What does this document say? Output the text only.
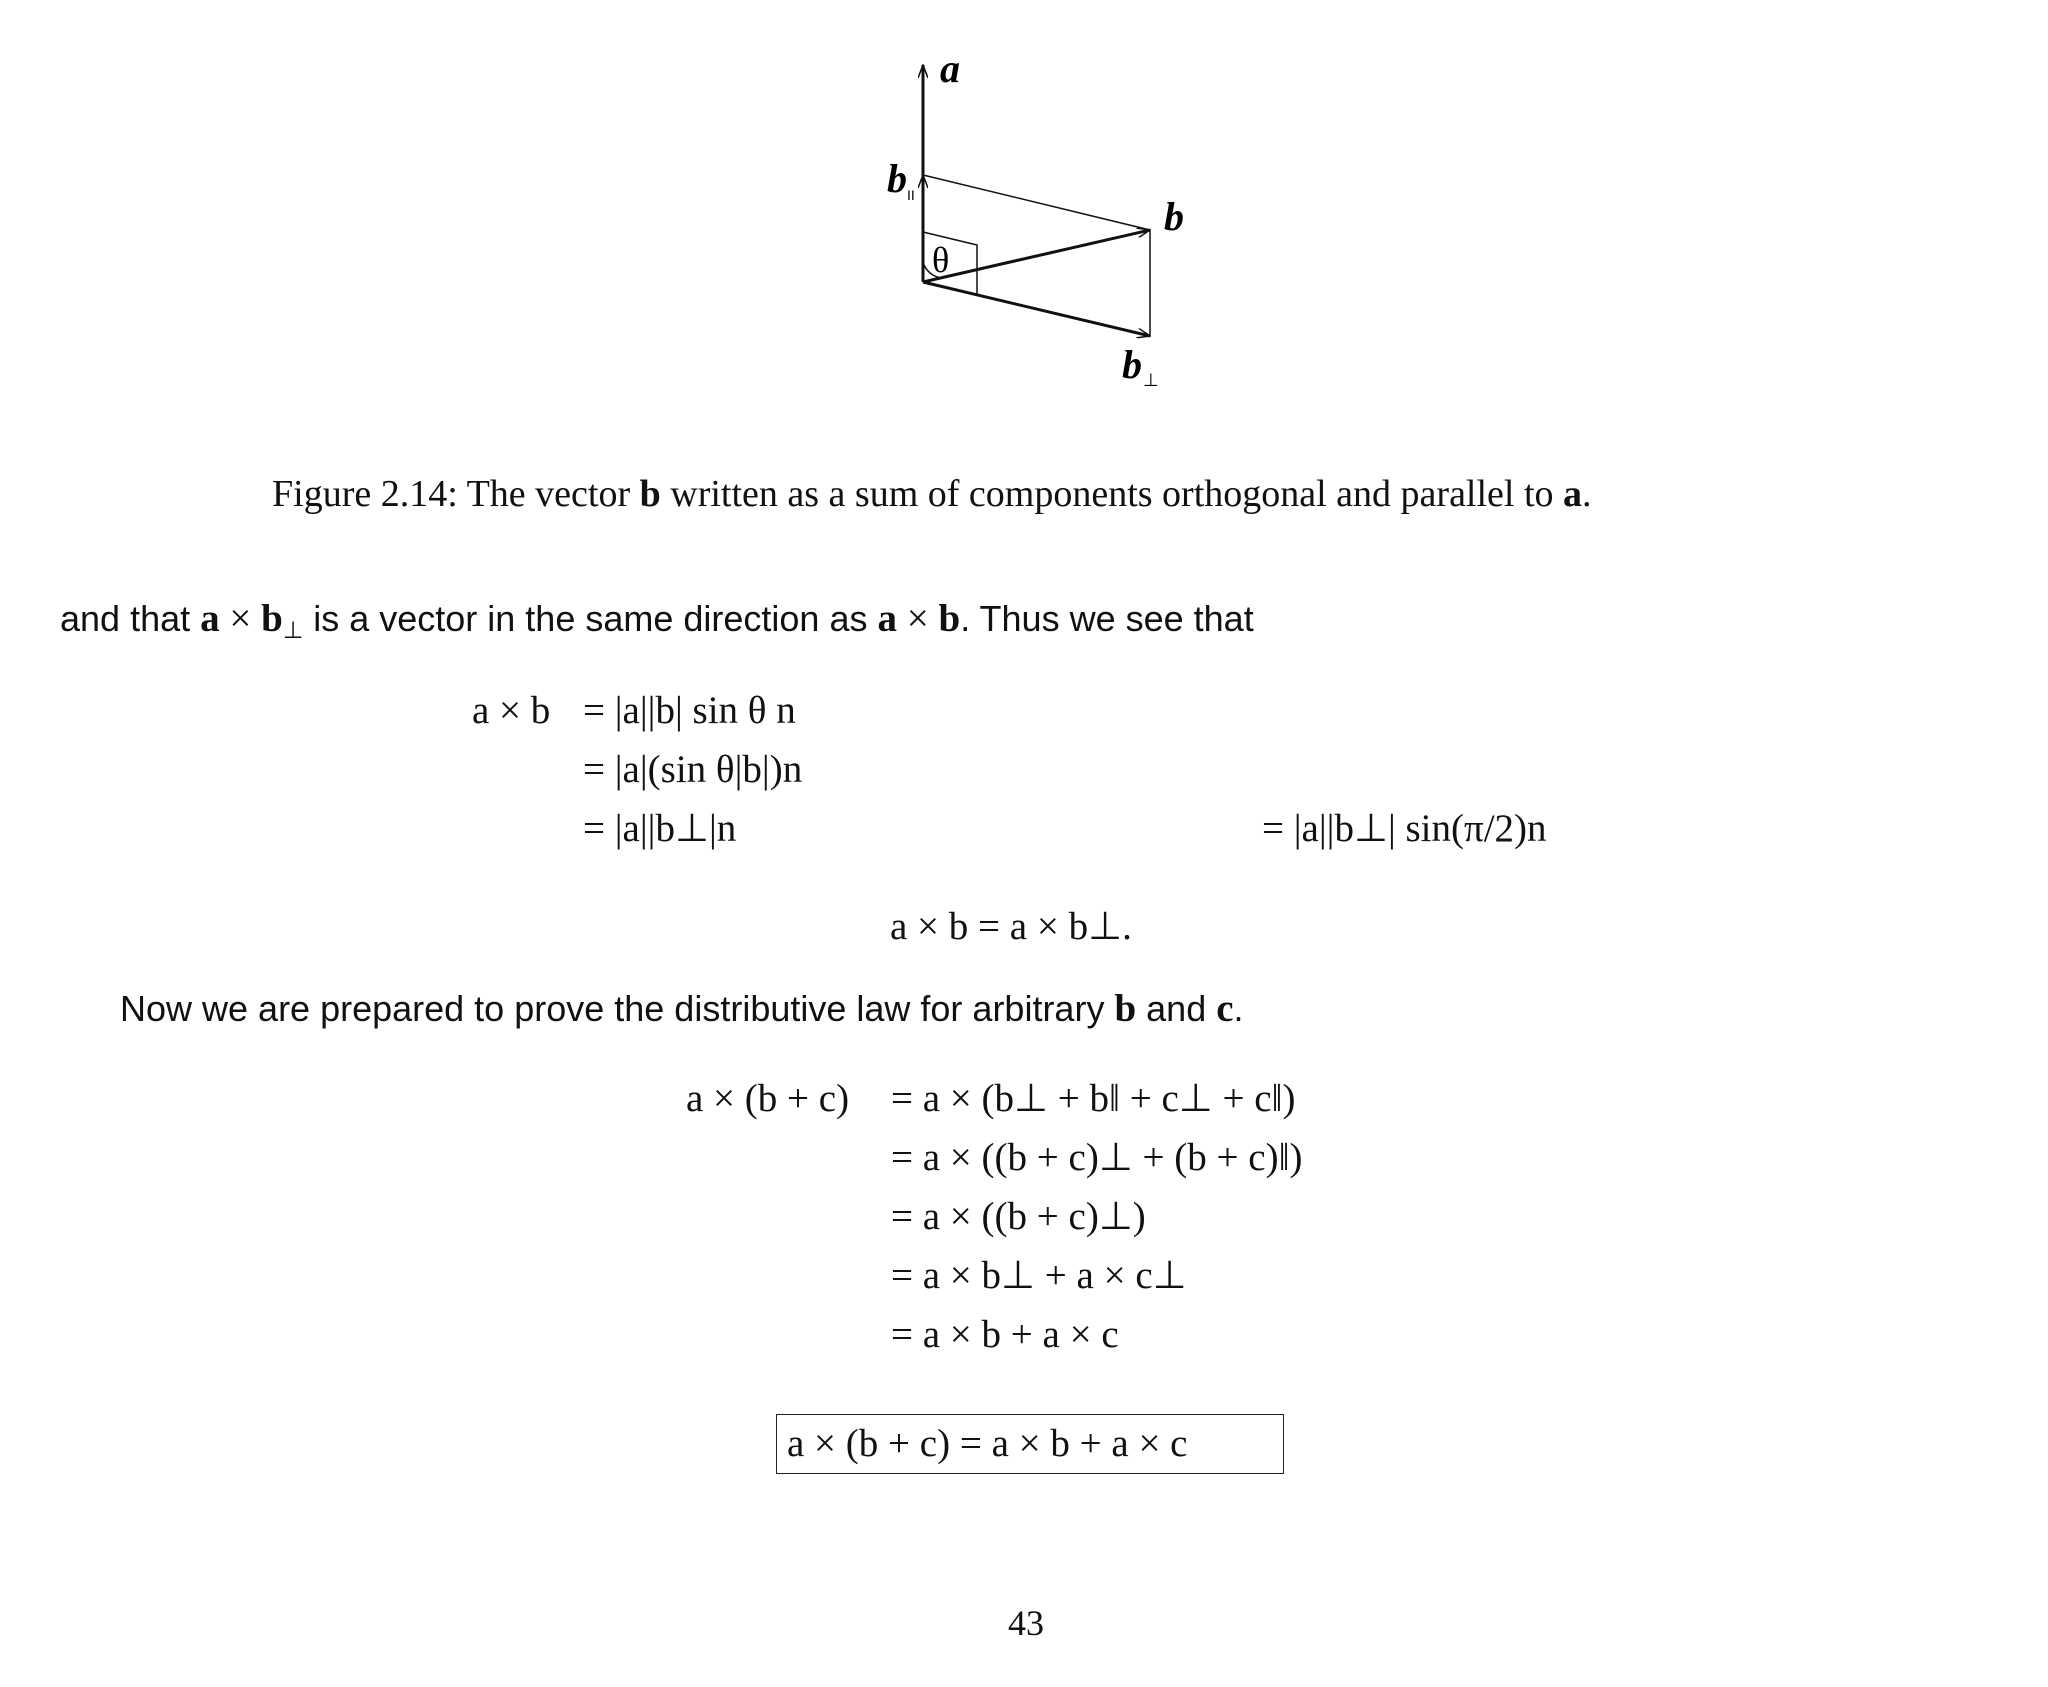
a
b II
θ
b
b ⊥
Figure 2.14: The vector b written as a sum of components orthogonal and parallel to a.
and that $a \times b_\perp$ is a vector in the same direction as a × b. Thus we see that
a × b = |a||b| sin θ n
= |a|(sin θ|b|)n
= |a||b⊥|n	= |a||b⊥| sin(π/2)n
a × b = a × b⊥.
Now we are prepared to prove the distributive law for arbitrary b and c.
a × (b + c) = a × (b⊥ + b‖ + c⊥ + c‖)
= a × ((b + c)⊥ + (b + c)‖)
= a × ((b + c)⊥)
= a × b⊥ + a × c⊥
= a × b + a × c
a × (b + c) = a × b + a × c
43
